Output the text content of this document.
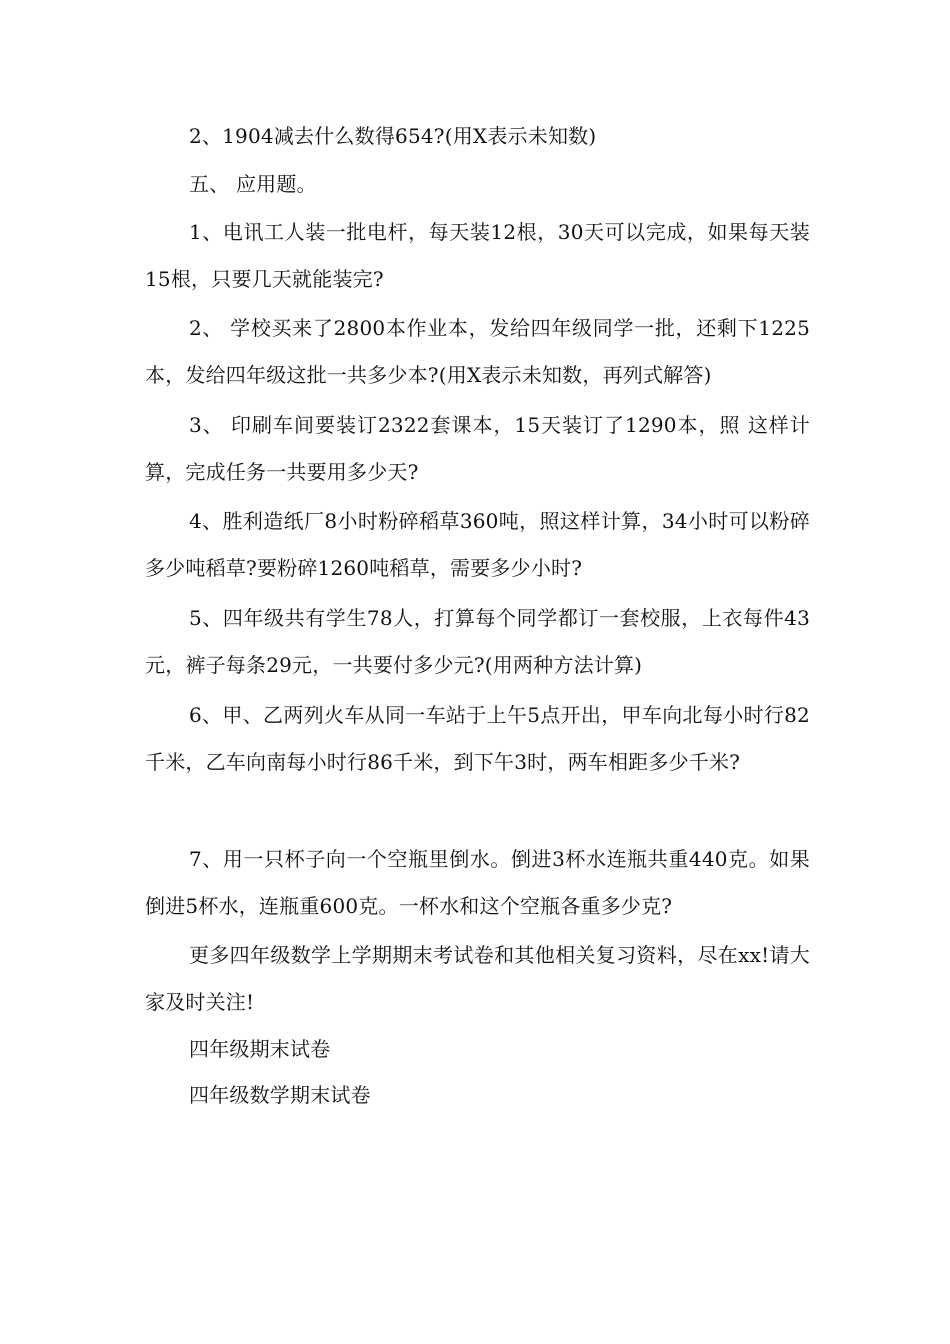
2、1904减去什么数得654?(用X表示未知数)

五、 应用题。

1、电讯工人装一批电杆，每天装12根，30天可以完成，如果每天装15根，只要几天就能装完?

2、 学校买来了2800本作业本，发给四年级同学一批，还剩下1225本，发给四年级这批一共多少本?(用X表示未知数，再列式解答)

3、 印刷车间要装订2322套课本，15天装订了1290本，照 这样计算，完成任务一共要用多少天?

4、胜利造纸厂8小时粉碎稻草360吨，照这样计算，34小时可以粉碎多少吨稻草?要粉碎1260吨稻草，需要多少小时?

5、四年级共有学生78人，打算每个同学都订一套校服，上衣每件43元，裤子每条29元，一共要付多少元?(用两种方法计算)

6、甲、乙两列火车从同一车站于上午5点开出，甲车向北每小时行82千米，乙车向南每小时行86千米，到下午3时，两车相距多少千米?

7、用一只杯子向一个空瓶里倒水。倒进3杯水连瓶共重440克。如果倒进5杯水，连瓶重600克。一杯水和这个空瓶各重多少克?

更多四年级数学上学期期末考试卷和其他相关复习资料，尽在xx!请大家及时关注!

四年级期末试卷

四年级数学期末试卷
